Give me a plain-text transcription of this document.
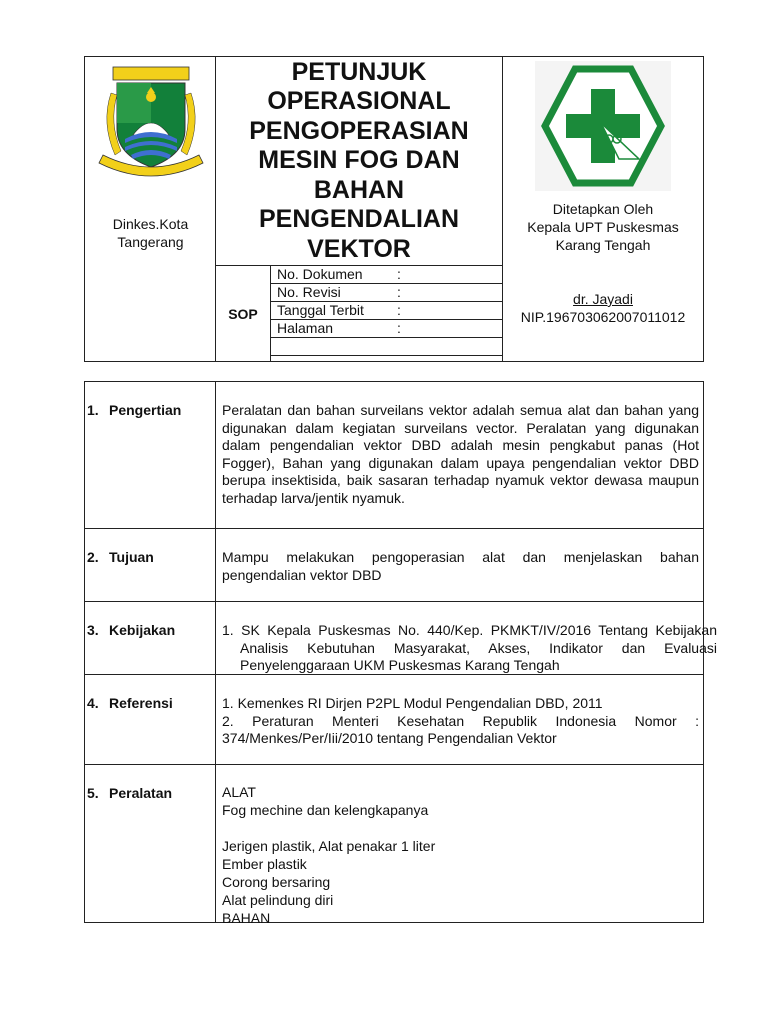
Dinkes.Kota
Tangerang
PETUNJUK
OPERASIONAL
PENGOPERASIAN
MESIN FOG DAN
BAHAN
PENGENDALIAN
VEKTOR
SOP
No. Dokumen :
No. Revisi	:
Tanggal Terbit :
Halaman	:
Ditetapkan Oleh
Kepala UPT Puskesmas
Karang Tengah
dr. Jayadi
NIP.196703062007011012
1. Pengertian	Peralatan dan bahan surveilans vektor adalah semua alat dan bahan yang digunakan dalam kegiatan surveilans vector. Peralatan yang digunakan dalam pengendalian vektor DBD adalah mesin pengkabut panas (Hot Fogger), Bahan yang digunakan dalam upaya pengendalian vektor DBD berupa insektisida, baik sasaran terhadap nyamuk vektor dewasa maupun terhadap larva/jentik nyamuk.
2. Tujuan	Mampu melakukan pengoperasian alat dan menjelaskan bahan pengendalian vektor DBD
3. Kebijakan	1. SK Kepala Puskesmas No. 440/Kep. PKMKT/IV/2016 Tentang Kebijakan Analisis Kebutuhan Masyarakat, Akses, Indikator dan Evaluasi Penyelenggaraan UKM Puskesmas Karang Tengah
4. Referensi	1. Kemenkes RI Dirjen P2PL Modul Pengendalian DBD, 2011
2. Peraturan Menteri Kesehatan Republik Indonesia Nomor : 374/Menkes/Per/Iii/2010 tentang Pengendalian Vektor
5. Peralatan	ALAT
Fog mechine dan kelengkapanya
Jerigen plastik, Alat penakar 1 liter
Ember plastik
Corong bersaring
Alat pelindung diri
BAHAN
